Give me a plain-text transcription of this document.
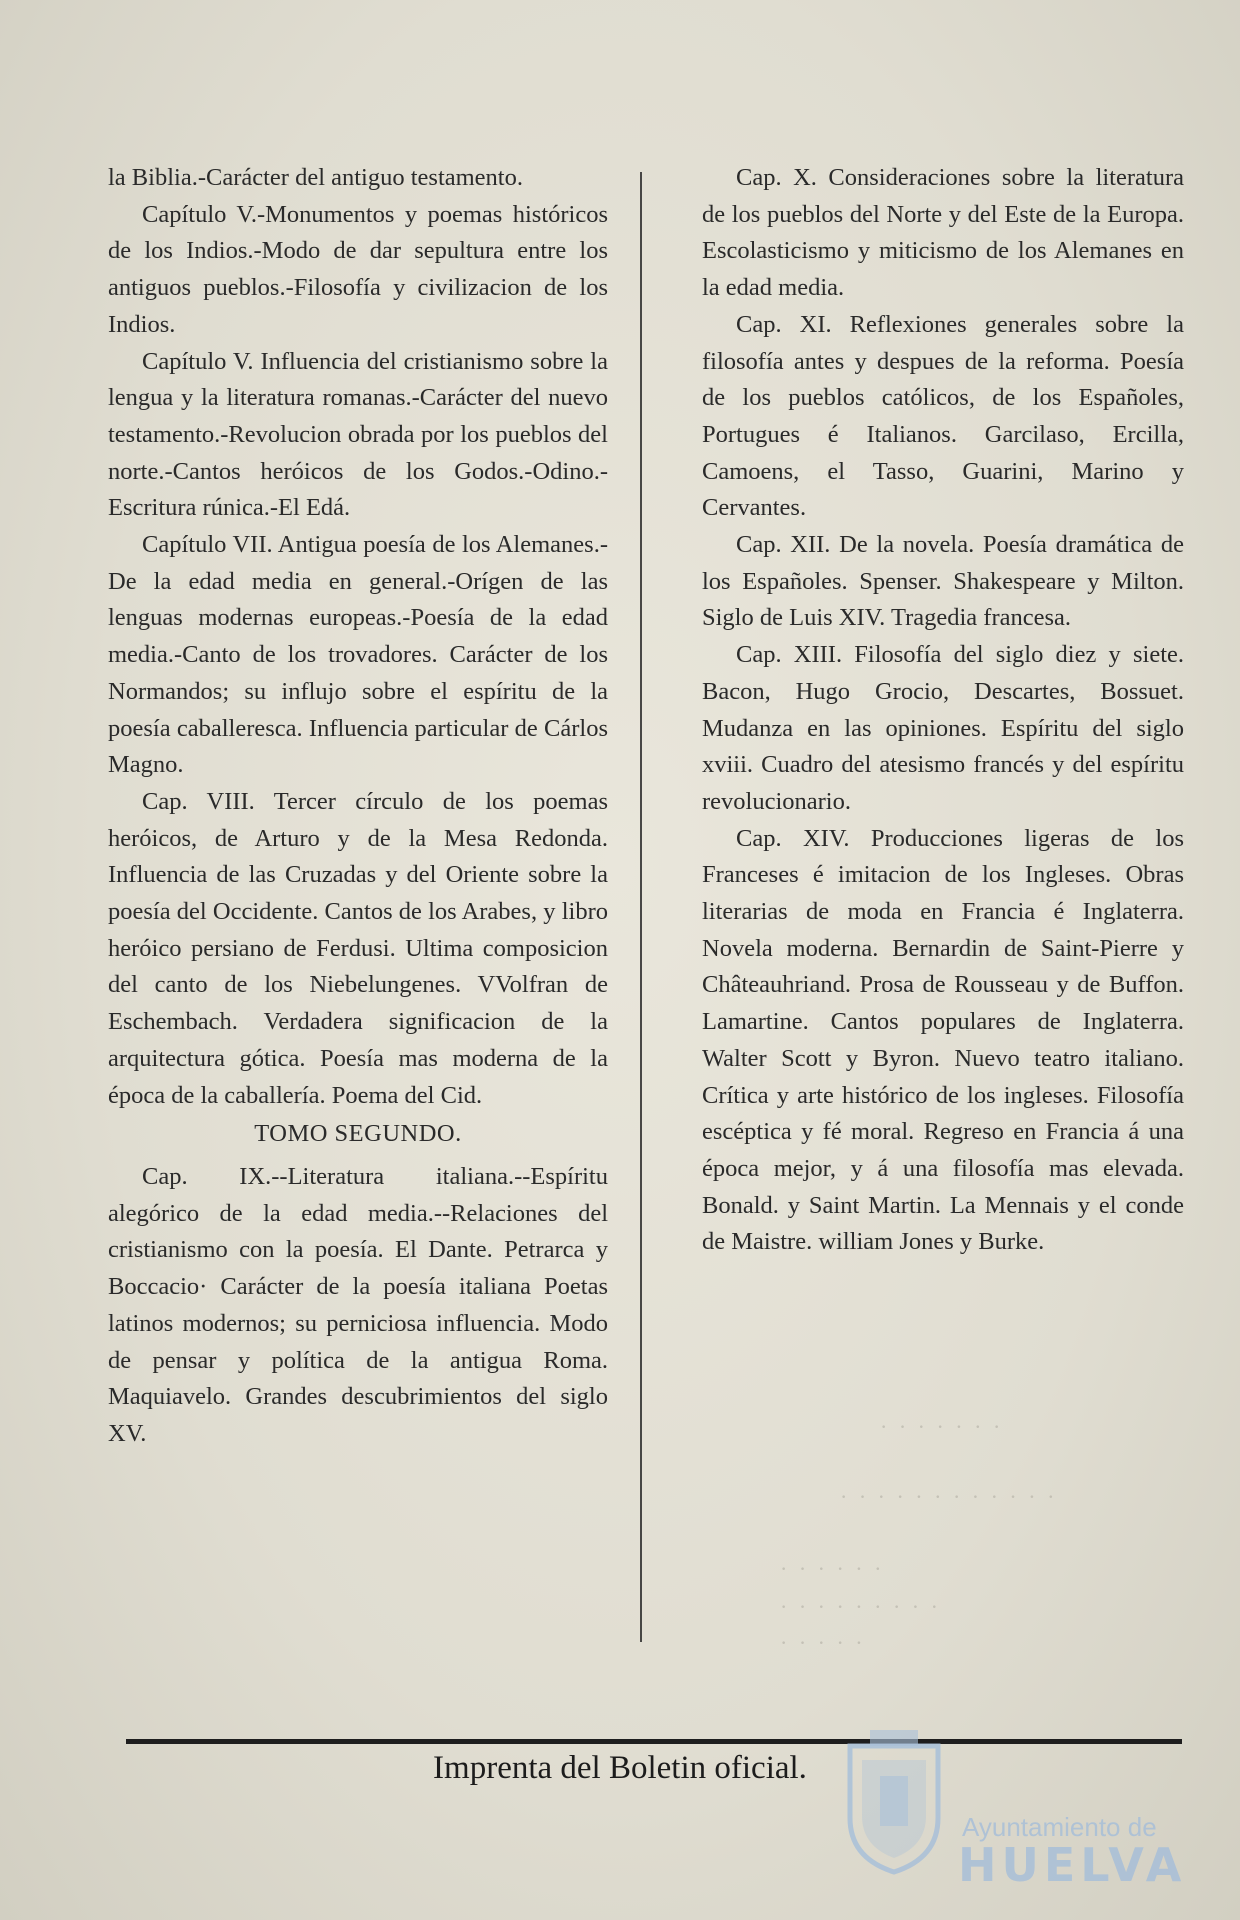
la Biblia.-Carácter del antiguo testamento.

Capítulo V.-Monumentos y poemas históricos de los Indios.-Modo de dar sepultura entre los antiguos pueblos.-Filosofía y civilizacion de los Indios.

Capítulo V. Influencia del cristianismo sobre la lengua y la literatura romanas.-Carácter del nuevo testamento.-Revolucion obrada por los pueblos del norte.-Cantos heróicos de los Godos.-Odino.-Escritura rúnica.-El Edá.

Capítulo VII. Antigua poesía de los Alemanes.-De la edad media en general.-Orígen de las lenguas modernas europeas.-Poesía de la edad media.-Canto de los trovadores. Carácter de los Normandos; su influjo sobre el espíritu de la poesía caballeresca. Influencia particular de Cárlos Magno.

Cap. VIII. Tercer círculo de los poemas heróicos, de Arturo y de la Mesa Redonda. Influencia de las Cruzadas y del Oriente sobre la poesía del Occidente. Cantos de los Arabes, y libro heróico persiano de Ferdusi. Ultima composicion del canto de los Niebelungenes. VVolfran de Eschembach. Verdadera significacion de la arquitectura gótica. Poesía mas moderna de la época de la caballería. Poema del Cid.

TOMO SEGUNDO.

Cap. IX.--Literatura italiana.--Espíritu alegórico de la edad media.--Relaciones del cristianismo con la poesía. El Dante. Petrarca y Boccacio· Carácter de la poesía italiana Poetas latinos modernos; su perniciosa influencia. Modo de pensar y política de la antigua Roma. Maquiavelo. Grandes descubrimientos del siglo XV.

Cap. X. Consideraciones sobre la literatura de los pueblos del Norte y del Este de la Europa. Escolasticismo y miticismo de los Alemanes en la edad media.

Cap. XI. Reflexiones generales sobre la filosofía antes y despues de la reforma. Poesía de los pueblos católicos, de los Españoles, Portugues é Italianos. Garcilaso, Ercilla, Camoens, el Tasso, Guarini, Marino y Cervantes.

Cap. XII. De la novela. Poesía dramática de los Españoles. Spenser. Shakespeare y Milton. Siglo de Luis XIV. Tragedia francesa.

Cap. XIII. Filosofía del siglo diez y siete. Bacon, Hugo Grocio, Descartes, Bossuet. Mudanza en las opiniones. Espíritu del siglo xviii. Cuadro del atesismo francés y del espíritu revolucionario.

Cap. XIV. Producciones ligeras de los Franceses é imitacion de los Ingleses. Obras literarias de moda en Francia é Inglaterra. Novela moderna. Bernardin de Saint-Pierre y Châteauhriand. Prosa de Rousseau y de Buffon. Lamartine. Cantos populares de Inglaterra. Walter Scott y Byron. Nuevo teatro italiano. Crítica y arte histórico de los ingleses. Filosofía escéptica y fé moral. Regreso en Francia á una época mejor, y á una filosofía mas elevada. Bonald. y Saint Martin. La Mennais y el conde de Maistre. william Jones y Burke.

· · · · · · ·
· · · · · · · · · · · ·
· · · · · ·
· · · · · · · · ·
· · · · ·
Imprenta del Boletin oficial.
Ayuntamiento de
HUELVA
